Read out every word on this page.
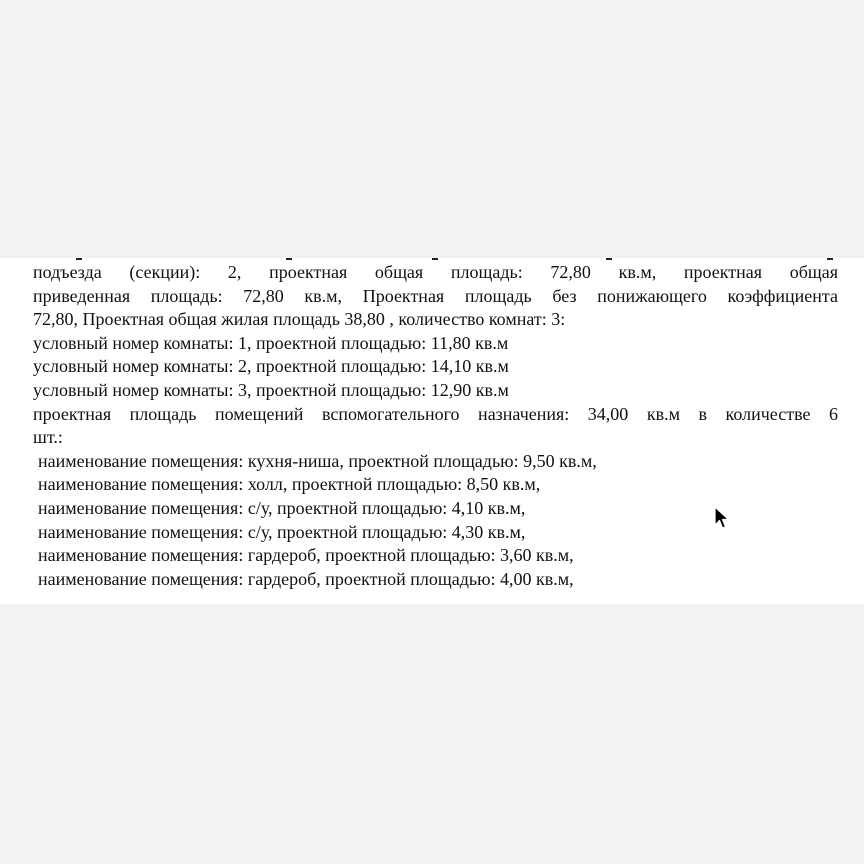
подъезда (секции): 2, проектная общая площадь: 72,80 кв.м, проектная общая
приведенная площадь: 72,80 кв.м, Проектная площадь без понижающего коэффициента
72,80, Проектная общая жилая площадь 38,80 , количество комнат: 3:
условный номер комнаты: 1, проектной площадью: 11,80 кв.м
условный номер комнаты: 2, проектной площадью: 14,10 кв.м
условный номер комнаты: 3, проектной площадью: 12,90 кв.м
проектная площадь помещений вспомогательного назначения: 34,00 кв.м в количестве 6
шт.:
наименование помещения: кухня-ниша, проектной площадью: 9,50 кв.м,
наименование помещения: холл, проектной площадью: 8,50 кв.м,
наименование помещения: с/у, проектной площадью: 4,10 кв.м,
наименование помещения: с/у, проектной площадью: 4,30 кв.м,
наименование помещения: гардероб, проектной площадью: 3,60 кв.м,
наименование помещения: гардероб, проектной площадью: 4,00 кв.м,
